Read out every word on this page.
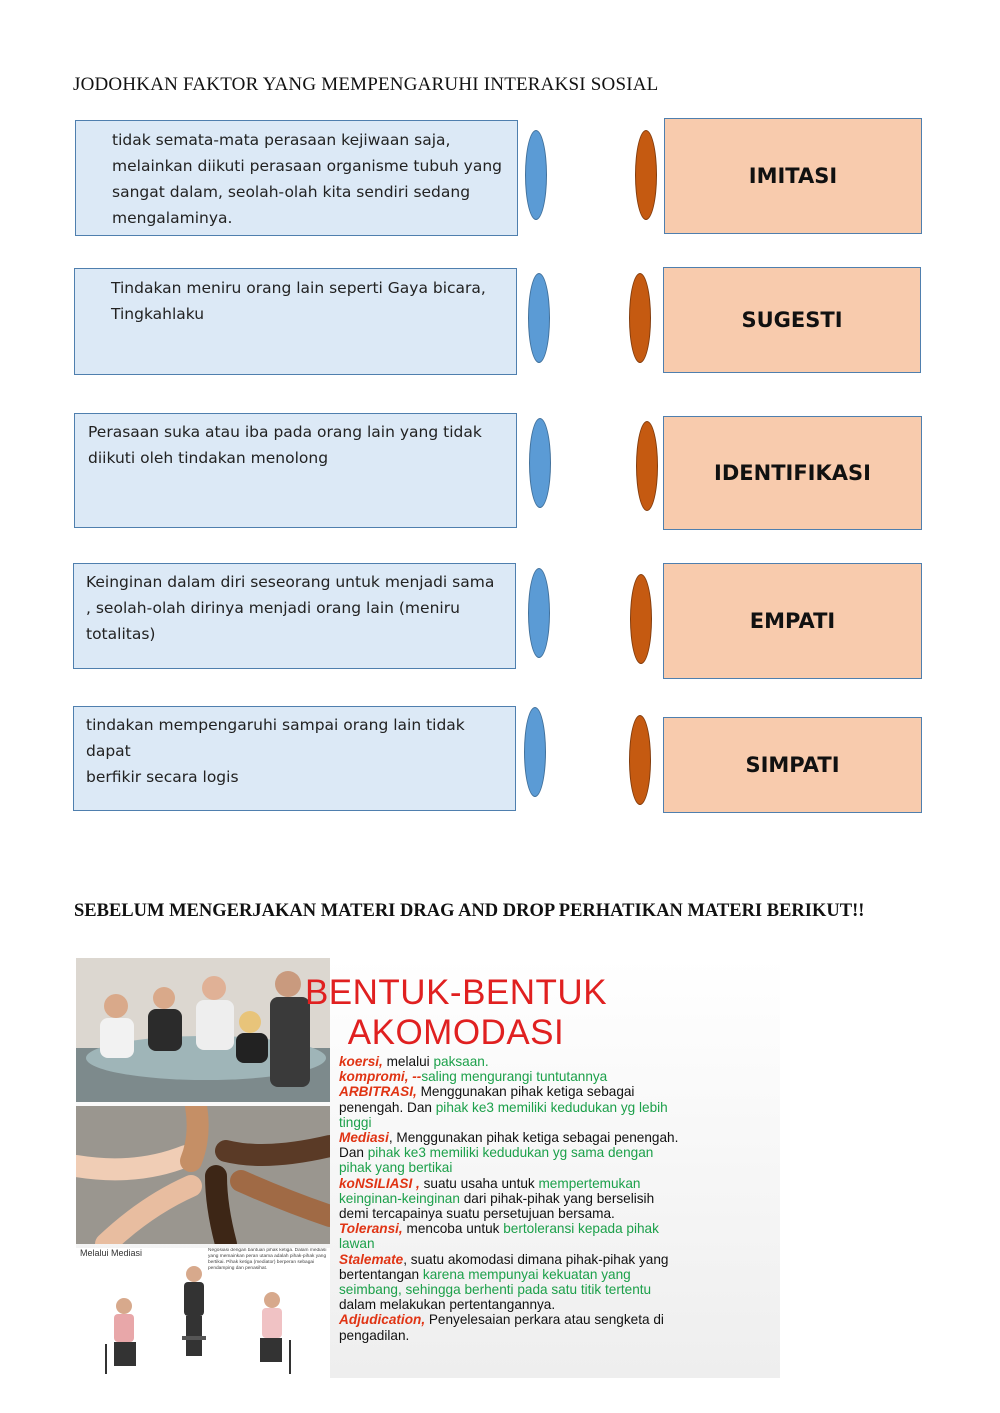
JODOHKAN FAKTOR YANG MEMPENGARUHI INTERAKSI SOSIAL
tidak semata-mata perasaan kejiwaan saja,
melainkan diikuti perasaan organisme tubuh yang
sangat dalam, seolah-olah kita sendiri sedang
mengalaminya.
Tindakan meniru orang lain seperti Gaya bicara,
Tingkahlaku
Perasaan suka atau iba pada orang lain yang tidak
diikuti oleh tindakan menolong
Keinginan dalam diri seseorang untuk menjadi sama
, seolah-olah dirinya menjadi orang lain (meniru
totalitas)
tindakan mempengaruhi sampai orang lain tidak dapat
berfikir secara logis
IMITASI
SUGESTI
IDENTIFIKASI
EMPATI
SIMPATI
SEBELUM MENGERJAKAN MATERI DRAG AND DROP PERHATIKAN MATERI BERIKUT!!
Melalui Mediasi	Negosiasi dengan bantuan pihak ketiga. Dalam mediasi yang memainkan peran utama adalah pihak-pihak yang bertikai. Pihak ketiga (mediator) berperan sebagai pendamping dan penasihat.
BENTUK-BENTUK
AKOMODASI
koersi, melalui paksaan.
kompromi, --saling mengurangi tuntutannya
ARBITRASI, Menggunakan pihak ketiga sebagai
penengah. Dan pihak ke3 memiliki kedudukan yg lebih
tinggi
Mediasi, Menggunakan pihak ketiga sebagai penengah.
Dan pihak ke3 memiliki kedudukan yg sama dengan
pihak yang bertikai
koNSILIASI , suatu usaha untuk mempertemukan
keinginan-keinginan dari pihak-pihak yang berselisih
demi tercapainya suatu persetujuan bersama.
Toleransi, mencoba untuk bertoleransi kepada pihak
lawan
Stalemate, suatu akomodasi dimana pihak-pihak yang
bertentangan karena mempunyai kekuatan yang
seimbang, sehingga berhenti pada satu titik tertentu
dalam melakukan pertentangannya.
Adjudication, Penyelesaian perkara atau sengketa di
pengadilan.
